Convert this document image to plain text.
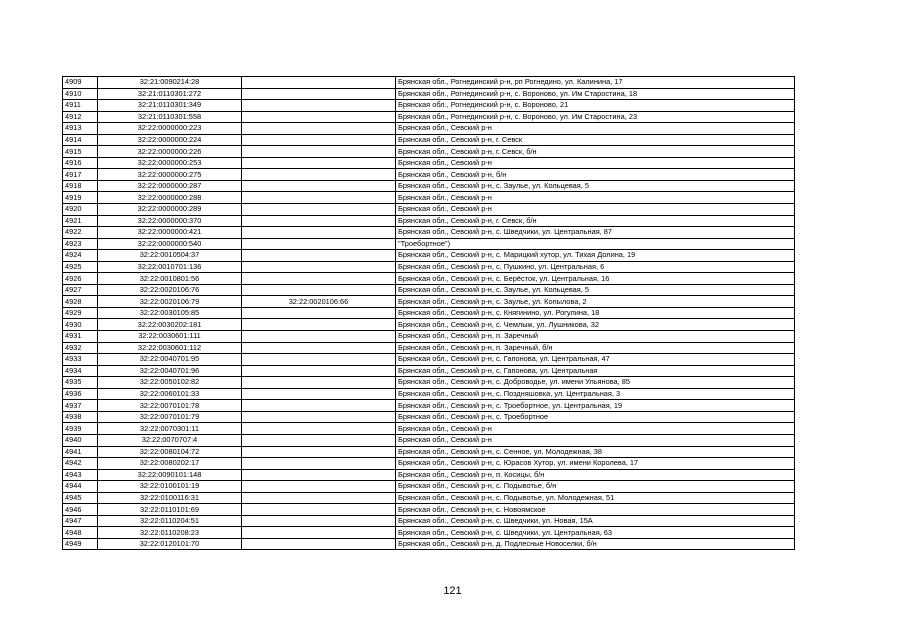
4909	32:21:0090214:28		Брянская обл., Рогнединский р-н, рп Рогнедино, ул. Калинина, 17
4910	32:21:0110301:272		Брянская обл., Рогнединский р-н, с. Вороново, ул. Им Старостина, 18
4911	32:21:0110301:349		Брянская обл., Рогнединский р-н, с. Вороново, 21
4912	32:21:0110301:558		Брянская обл., Рогнединский р-н, с. Вороново, ул. Им Старостина, 23
4913	32:22:0000000:223		Брянская обл., Севский р-н
4914	32:22:0000000:224		Брянская обл., Севский р-н, г. Севск
4915	32:22:0000000:226		Брянская обл., Севский р-н, г. Севск, б/н
4916	32:22:0000000:253		Брянская обл., Севский р-н
4917	32:22:0000000:275		Брянская обл., Севский р-н, б/н
4918	32:22:0000000:287		Брянская обл., Севский р-н, с. Заулье, ул. Кольцевая, 5
4919	32:22:0000000:288		Брянская обл., Севский р-н
4920	32:22:0000000:289		Брянская обл., Севский р-н
4921	32:22:0000000:370		Брянская обл., Севский р-н, г. Севск, б/н
4922	32:22:0000000:421		Брянская обл., Севский р-н, с. Шведчики, ул. Центральная, 87
4923	32:22:0000000:540		"Троебортное")
4924	32:22:0010504:37		Брянская обл., Севский р-н, с. Марицкий хутор, ул. Тихая Долина, 19
4925	32:22:0010701:136		Брянская обл., Севский р-н, с. Пушкино, ул. Центральная, 6
4926	32:22:0010801:56		Брянская обл., Севский р-н, с. Берёсток, ул. Центральная, 16
4927	32:22:0020106:76		Брянская обл., Севский р-н, с. Заулье, ул. Кольцевая, 5
4928	32:22:0020106:79	32:22:0020106:66	Брянская обл., Севский р-н, с. Заулье, ул. Копылова, 2
4929	32:22:0030105:85		Брянская обл., Севский р-н, с. Княгинино, ул. Рогулина, 18
4930	32:22:0030202:181		Брянская обл., Севский р-н, с. Чемлыж, ул. Лушникова, 32
4931	32:22:0030601:111		Брянская обл., Севский р-н, п. Заречный
4932	32:22:0030601:112		Брянская обл., Севский р-н, п. Заречный, б/н
4933	32:22:0040701:95		Брянская обл., Севский р-н, с. Гапонова, ул. Центральная, 47
4934	32:22:0040701:96		Брянская обл., Севский р-н, с. Гапонова, ул. Центральная
4935	32:22:0050102:82		Брянская обл., Севский р-н, с. Доброводье, ул. имени Ульянова, 85
4936	32:22:0060101:33		Брянская обл., Севский р-н, с. Поздняшовка, ул. Центральная, 3
4937	32:22:0070101:78		Брянская обл., Севский р-н, с. Троебортное, ул. Центральная, 19
4938	32:22:0070101:79		Брянская обл., Севский р-н, с. Троебортное
4939	32:22:0070301:11		Брянская обл., Севский р-н
4940	32:22:0070707:4		Брянская обл., Севский р-н
4941	32:22:0080104:72		Брянская обл., Севский р-н, с. Сенное, ул. Молодежная, 38
4942	32:22:0080202:17		Брянская обл., Севский р-н, с. Юрасов Хутор, ул. имени Королева, 17
4943	32:22:0090101:148		Брянская обл., Севский р-н, п. Косицы, б/н
4944	32:22:0100101:19		Брянская обл., Севский р-н, с. Подывотье, б/н
4945	32:22:0100116:31		Брянская обл., Севский р-н, с. Подывотье, ул. Молодежная, 51
4946	32:22:0110101:69		Брянская обл., Севский р-н, с. Новоямское
4947	32:22:0110204:51		Брянская обл., Севский р-н, с. Шведчики, ул. Новая, 15А
4948	32:22:0110208:23		Брянская обл., Севский р-н, с. Шведчики, ул. Центральная, 63
4949	32:22:0120101:70		Брянская обл., Севский р-н, д. Подлесные Новоселки, б/н
121
